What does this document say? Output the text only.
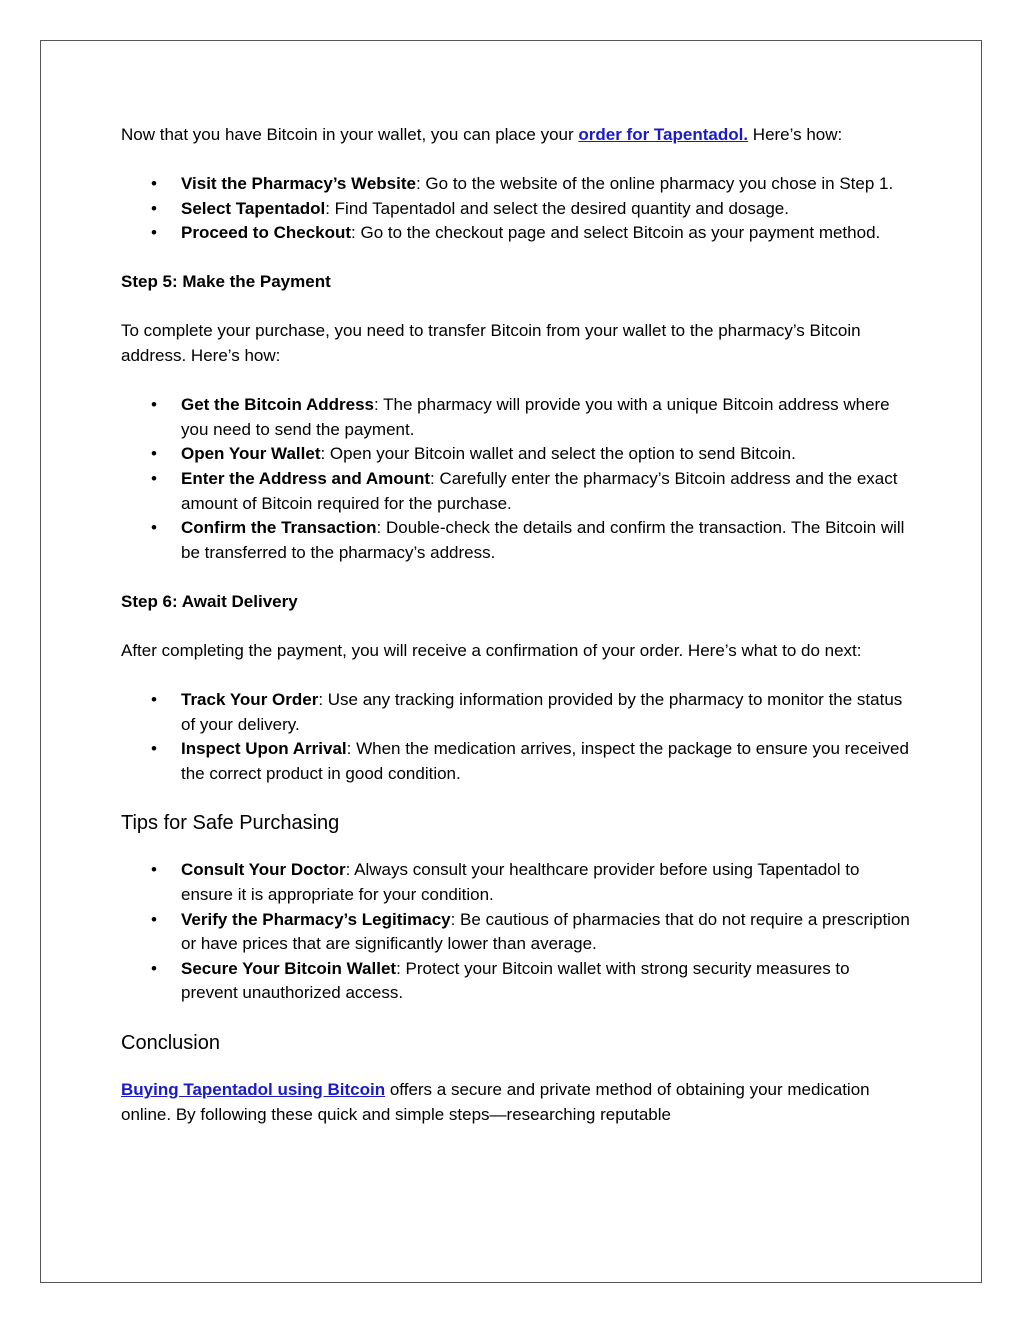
Now that you have Bitcoin in your wallet, you can place your order for Tapentadol. Here’s how:

• Visit the Pharmacy’s Website: Go to the website of the online pharmacy you chose in Step 1.
• Select Tapentadol: Find Tapentadol and select the desired quantity and dosage.
• Proceed to Checkout: Go to the checkout page and select Bitcoin as your payment method.

Step 5: Make the Payment

To complete your purchase, you need to transfer Bitcoin from your wallet to the pharmacy’s Bitcoin address. Here’s how:

• Get the Bitcoin Address: The pharmacy will provide you with a unique Bitcoin address where you need to send the payment.
• Open Your Wallet: Open your Bitcoin wallet and select the option to send Bitcoin.
• Enter the Address and Amount: Carefully enter the pharmacy’s Bitcoin address and the exact amount of Bitcoin required for the purchase.
• Confirm the Transaction: Double-check the details and confirm the transaction. The Bitcoin will be transferred to the pharmacy’s address.

Step 6: Await Delivery

After completing the payment, you will receive a confirmation of your order. Here’s what to do next:

• Track Your Order: Use any tracking information provided by the pharmacy to monitor the status of your delivery.
• Inspect Upon Arrival: When the medication arrives, inspect the package to ensure you received the correct product in good condition.
Tips for Safe Purchasing
• Consult Your Doctor: Always consult your healthcare provider before using Tapentadol to ensure it is appropriate for your condition.
• Verify the Pharmacy’s Legitimacy: Be cautious of pharmacies that do not require a prescription or have prices that are significantly lower than average.
• Secure Your Bitcoin Wallet: Protect your Bitcoin wallet with strong security measures to prevent unauthorized access.
Conclusion

Buying Tapentadol using Bitcoin offers a secure and private method of obtaining your medication online. By following these quick and simple steps—researching reputable
